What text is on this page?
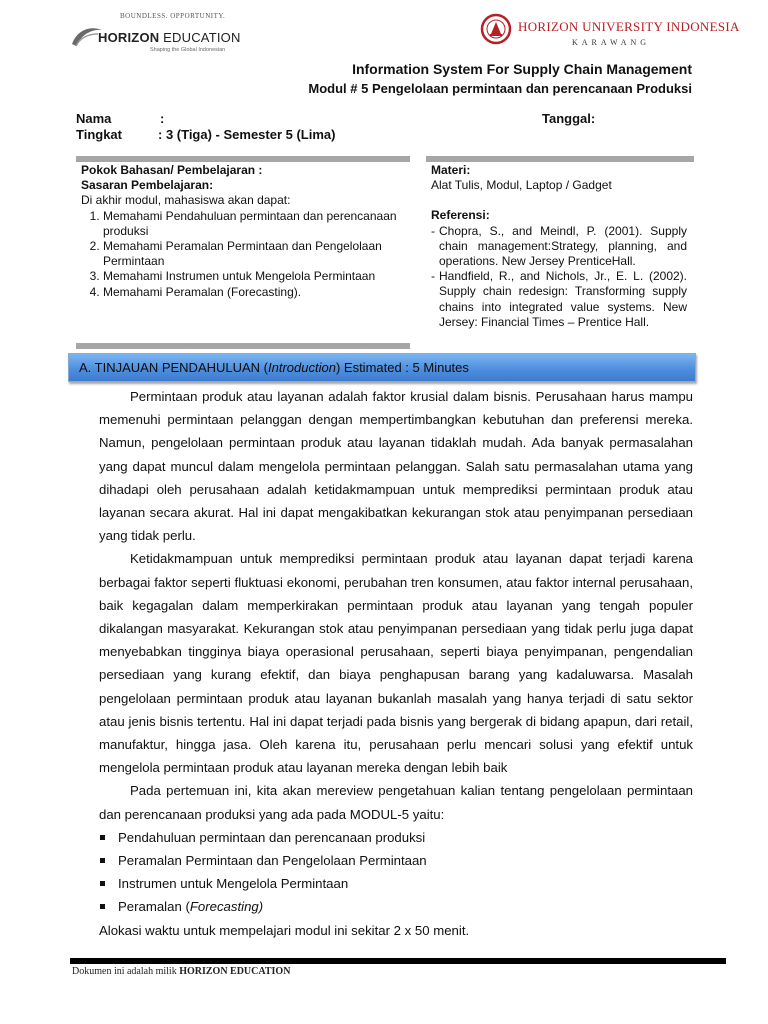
BOUNDLESS. OPPORTUNITY.
HORIZON EDUCATION
Shaping the Global Indonesian
HORIZON UNIVERSITY INDONESIA
KARAWANG
Information System For Supply Chain Management
Modul # 5 Pengelolaan permintaan dan perencanaan Produksi
Nama	:	Tanggal:
Tingkat	: 3 (Tiga) - Semester 5 (Lima)
Pokok Bahasan/ Pembelajaran :
Sasaran Pembelajaran:
Di akhir modul, mahasiswa akan dapat:
1. Memahami Pendahuluan permintaan dan perencanaan produksi
2. Memahami Peramalan Permintaan dan Pengelolaan Permintaan
3. Memahami Instrumen untuk Mengelola Permintaan
4. Memahami Peramalan (Forecasting).
Materi:
Alat Tulis, Modul, Laptop / Gadget
Referensi:
- Chopra, S., and Meindl, P. (2001). Supply chain management:Strategy, planning, and operations. New Jersey PrenticeHall.
- Handfield, R., and Nichols, Jr., E. L. (2002). Supply chain redesign: Transforming supply chains into integrated value systems. New Jersey: Financial Times – Prentice Hall.
A. TINJAUAN PENDAHULUAN (Introduction) Estimated : 5 Minutes

Permintaan produk atau layanan adalah faktor krusial dalam bisnis. Perusahaan harus mampu memenuhi permintaan pelanggan dengan mempertimbangkan kebutuhan dan preferensi mereka. Namun, pengelolaan permintaan produk atau layanan tidaklah mudah. Ada banyak permasalahan yang dapat muncul dalam mengelola permintaan pelanggan. Salah satu permasalahan utama yang dihadapi oleh perusahaan adalah ketidakmampuan untuk memprediksi permintaan produk atau layanan secara akurat. Hal ini dapat mengakibatkan kekurangan stok atau penyimpanan persediaan yang tidak perlu.

Ketidakmampuan untuk memprediksi permintaan produk atau layanan dapat terjadi karena berbagai faktor seperti fluktuasi ekonomi, perubahan tren konsumen, atau faktor internal perusahaan, baik kegagalan dalam memperkirakan permintaan produk atau layanan yang tengah populer dikalangan masyarakat. Kekurangan stok atau penyimpanan persediaan yang tidak perlu juga dapat menyebabkan tingginya biaya operasional perusahaan, seperti biaya penyimpanan, pengendalian persediaan yang kurang efektif, dan biaya penghapusan barang yang kadaluwarsa. Masalah pengelolaan permintaan produk atau layanan bukanlah masalah yang hanya terjadi di satu sektor atau jenis bisnis tertentu. Hal ini dapat terjadi pada bisnis yang bergerak di bidang apapun, dari retail, manufaktur, hingga jasa. Oleh karena itu, perusahaan perlu mencari solusi yang efektif untuk mengelola permintaan produk atau layanan mereka dengan lebih baik

Pada pertemuan ini, kita akan mereview pengetahuan kalian tentang pengelolaan permintaan dan perencanaan produksi yang ada pada MODUL-5 yaitu:

Pendahuluan permintaan dan perencanaan produksi
Peramalan Permintaan dan Pengelolaan Permintaan
Instrumen untuk Mengelola Permintaan
Peramalan (Forecasting)

Alokasi waktu untuk mempelajari modul ini sekitar 2 x 50 menit.

Dokumen ini adalah milik HORIZON EDUCATION
